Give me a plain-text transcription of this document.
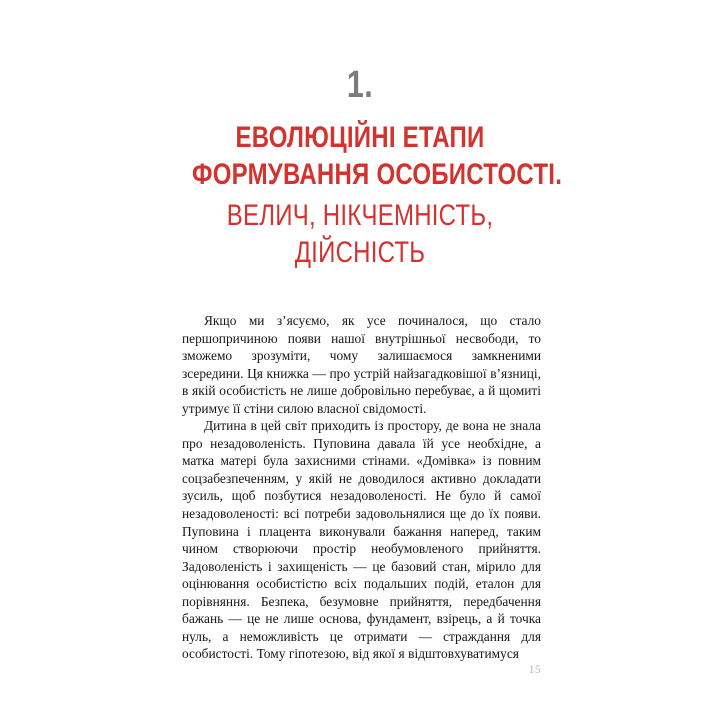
1.
ЕВОЛЮЦІЙНІ ЕТАПИ
ФОРМУВАННЯ ОСОБИСТОСТІ.
ВЕЛИЧ, НІКЧЕМНІСТЬ,
ДІЙСНІСТЬ

Якщо ми з’ясуємо, як усе починалося, що стало першопричиною появи нашої внутрішньої несвободи, то зможемо зрозуміти, чому залишаємося замкненими зсередини. Ця книжка — про устрій найзагадковішої в’язниці, в якій особистість не лише добровільно перебуває, а й щомиті утримує її стіни силою власної свідомості.

Дитина в цей світ приходить із простору, де вона не знала про незадоволеність. Пуповина давала їй усе необхідне, а матка матері була захисними стінами. «Домівка» із повним соцзабезпеченням, у якій не доводилося активно докладати зусиль, щоб позбутися незадоволеності. Не було й самої незадоволеності: всі потреби задовольнялися ще до їх появи. Пуповина і плацента виконували бажання наперед, таким чином створюючи простір необумовленого прийняття. Задоволеність і захищеність — це базовий стан, мірило для оцінювання особистістю всіх подальших подій, еталон для порівняння. Безпека, безумовне прийняття, передбачення бажань — це не лише основа, фундамент, взірець, а й точка нуль, а неможливість це отримати — страждання для особистості. Тому гіпотезою, від якої я відштовхуватимуся

15
